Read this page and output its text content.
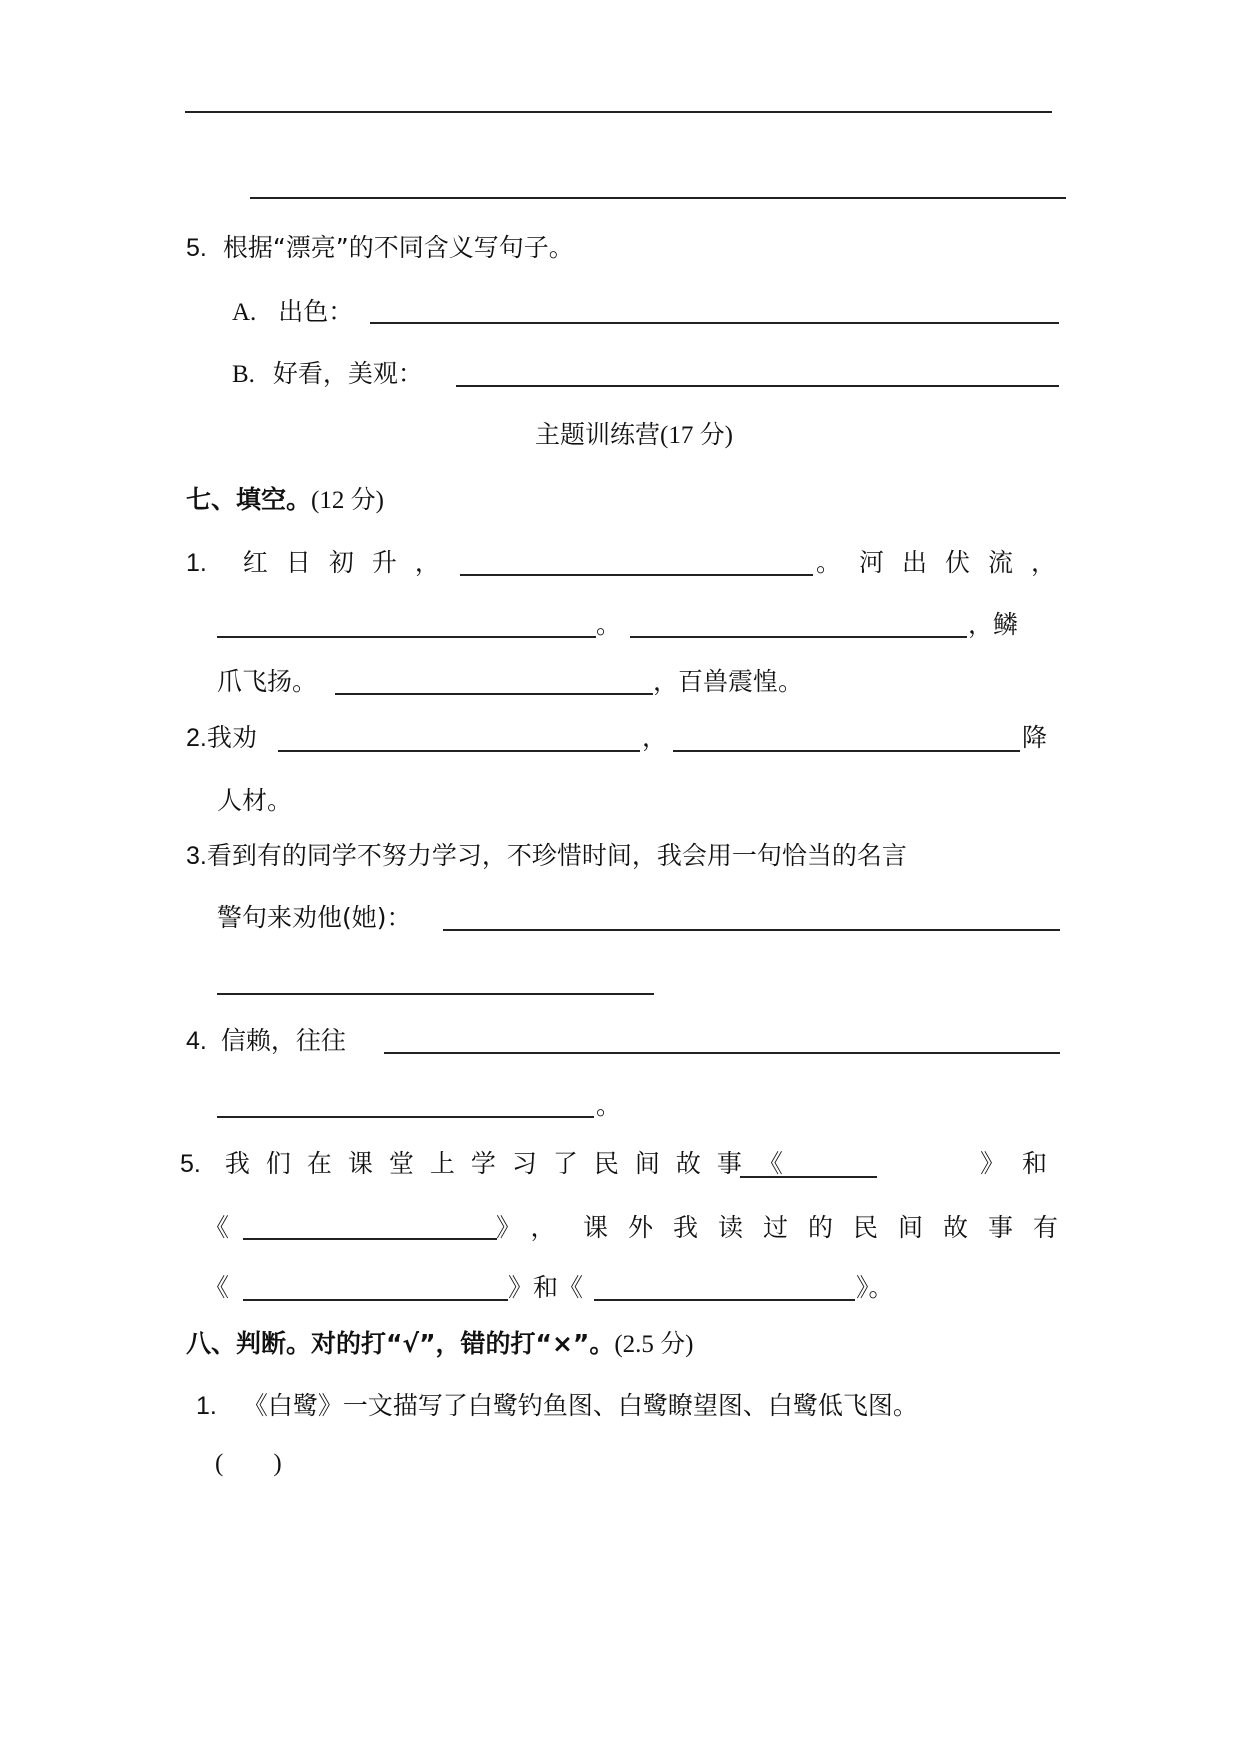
5. 根据“漂亮”的不同含义写句子。
A. 出色：
B. 好看，美观：
主题训练营(17 分)
七、填空。(12 分)
1. 红日初升，	。河出伏流，
。	，鳞
爪飞扬。	，百兽震惶。
2.我劝	，	降
人材。
3.看到有的同学不努力学习，不珍惜时间，我会用一句恰当的名言
警句来劝他(她)：
4. 信赖，往往
。
5. 我们在课堂上学习了民间故事《	》 和
《	》， 课外我读过的民间故事有
《	》和《	》。
八、判断。对的打“√”，错的打“×”。(2.5 分)
1. 《白鹭》一文描写了白鹭钓鱼图、白鹭瞭望图、白鹭低飞图。
(　　)
